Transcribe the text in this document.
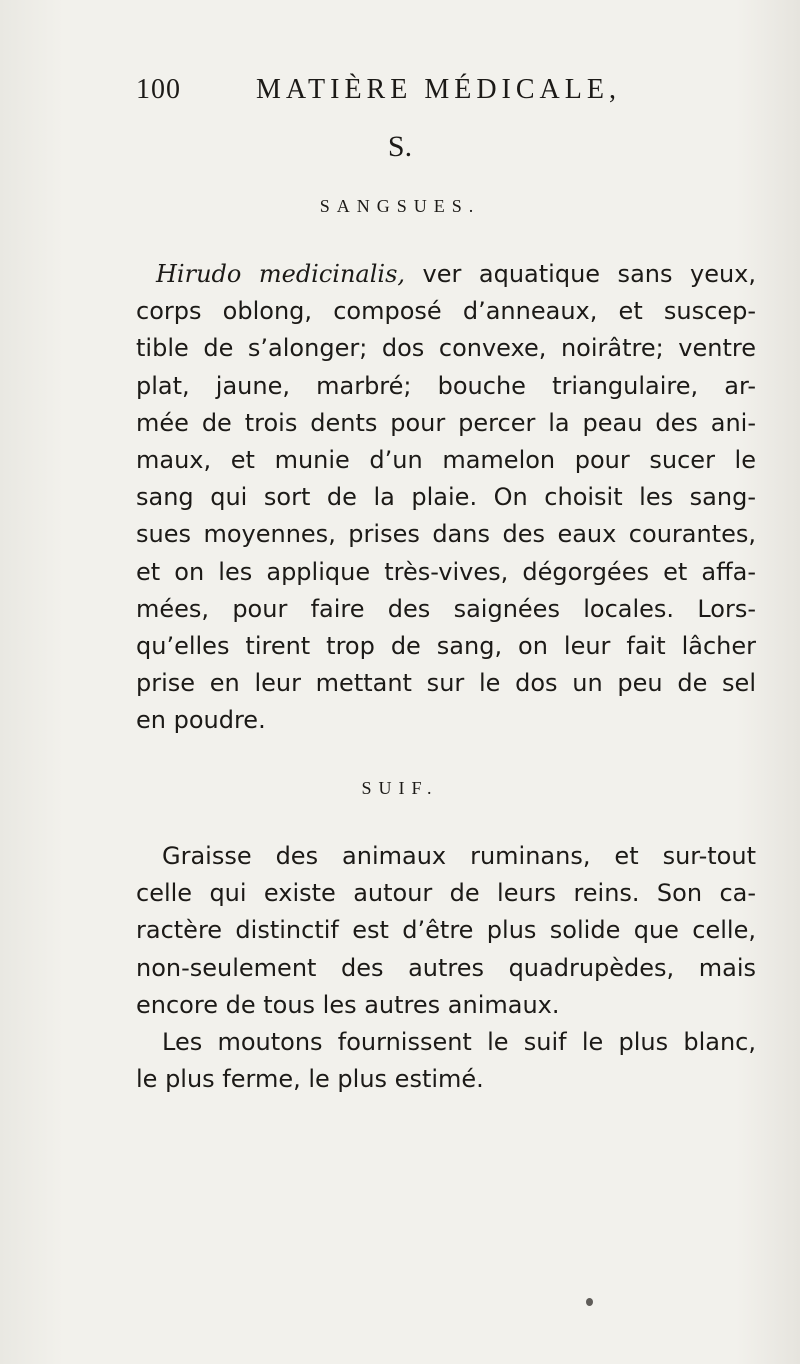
100	MATIÈRE MÉDICALE,
S.
SANGSUES.
Hirudo medicinalis, ver aquatique sans yeux,
corps oblong, composé d’anneaux, et suscep-
tible de s’alonger; dos convexe, noirâtre; ventre
plat, jaune, marbré; bouche triangulaire, ar-
mée de trois dents pour percer la peau des ani-
maux, et munie d’un mamelon pour sucer le
sang qui sort de la plaie. On choisit les sang-
sues moyennes, prises dans des eaux courantes,
et on les applique très-vives, dégorgées et affa-
mées, pour faire des saignées locales. Lors-
qu’elles tirent trop de sang, on leur fait lâcher
prise en leur mettant sur le dos un peu de sel
en poudre.
SUIF.
Graisse des animaux ruminans, et sur-tout
celle qui existe autour de leurs reins. Son ca-
ractère distinctif est d’être plus solide que celle,
non-seulement des autres quadrupèdes, mais
encore de tous les autres animaux.
Les moutons fournissent le suif le plus blanc,
le plus ferme, le plus estimé.
